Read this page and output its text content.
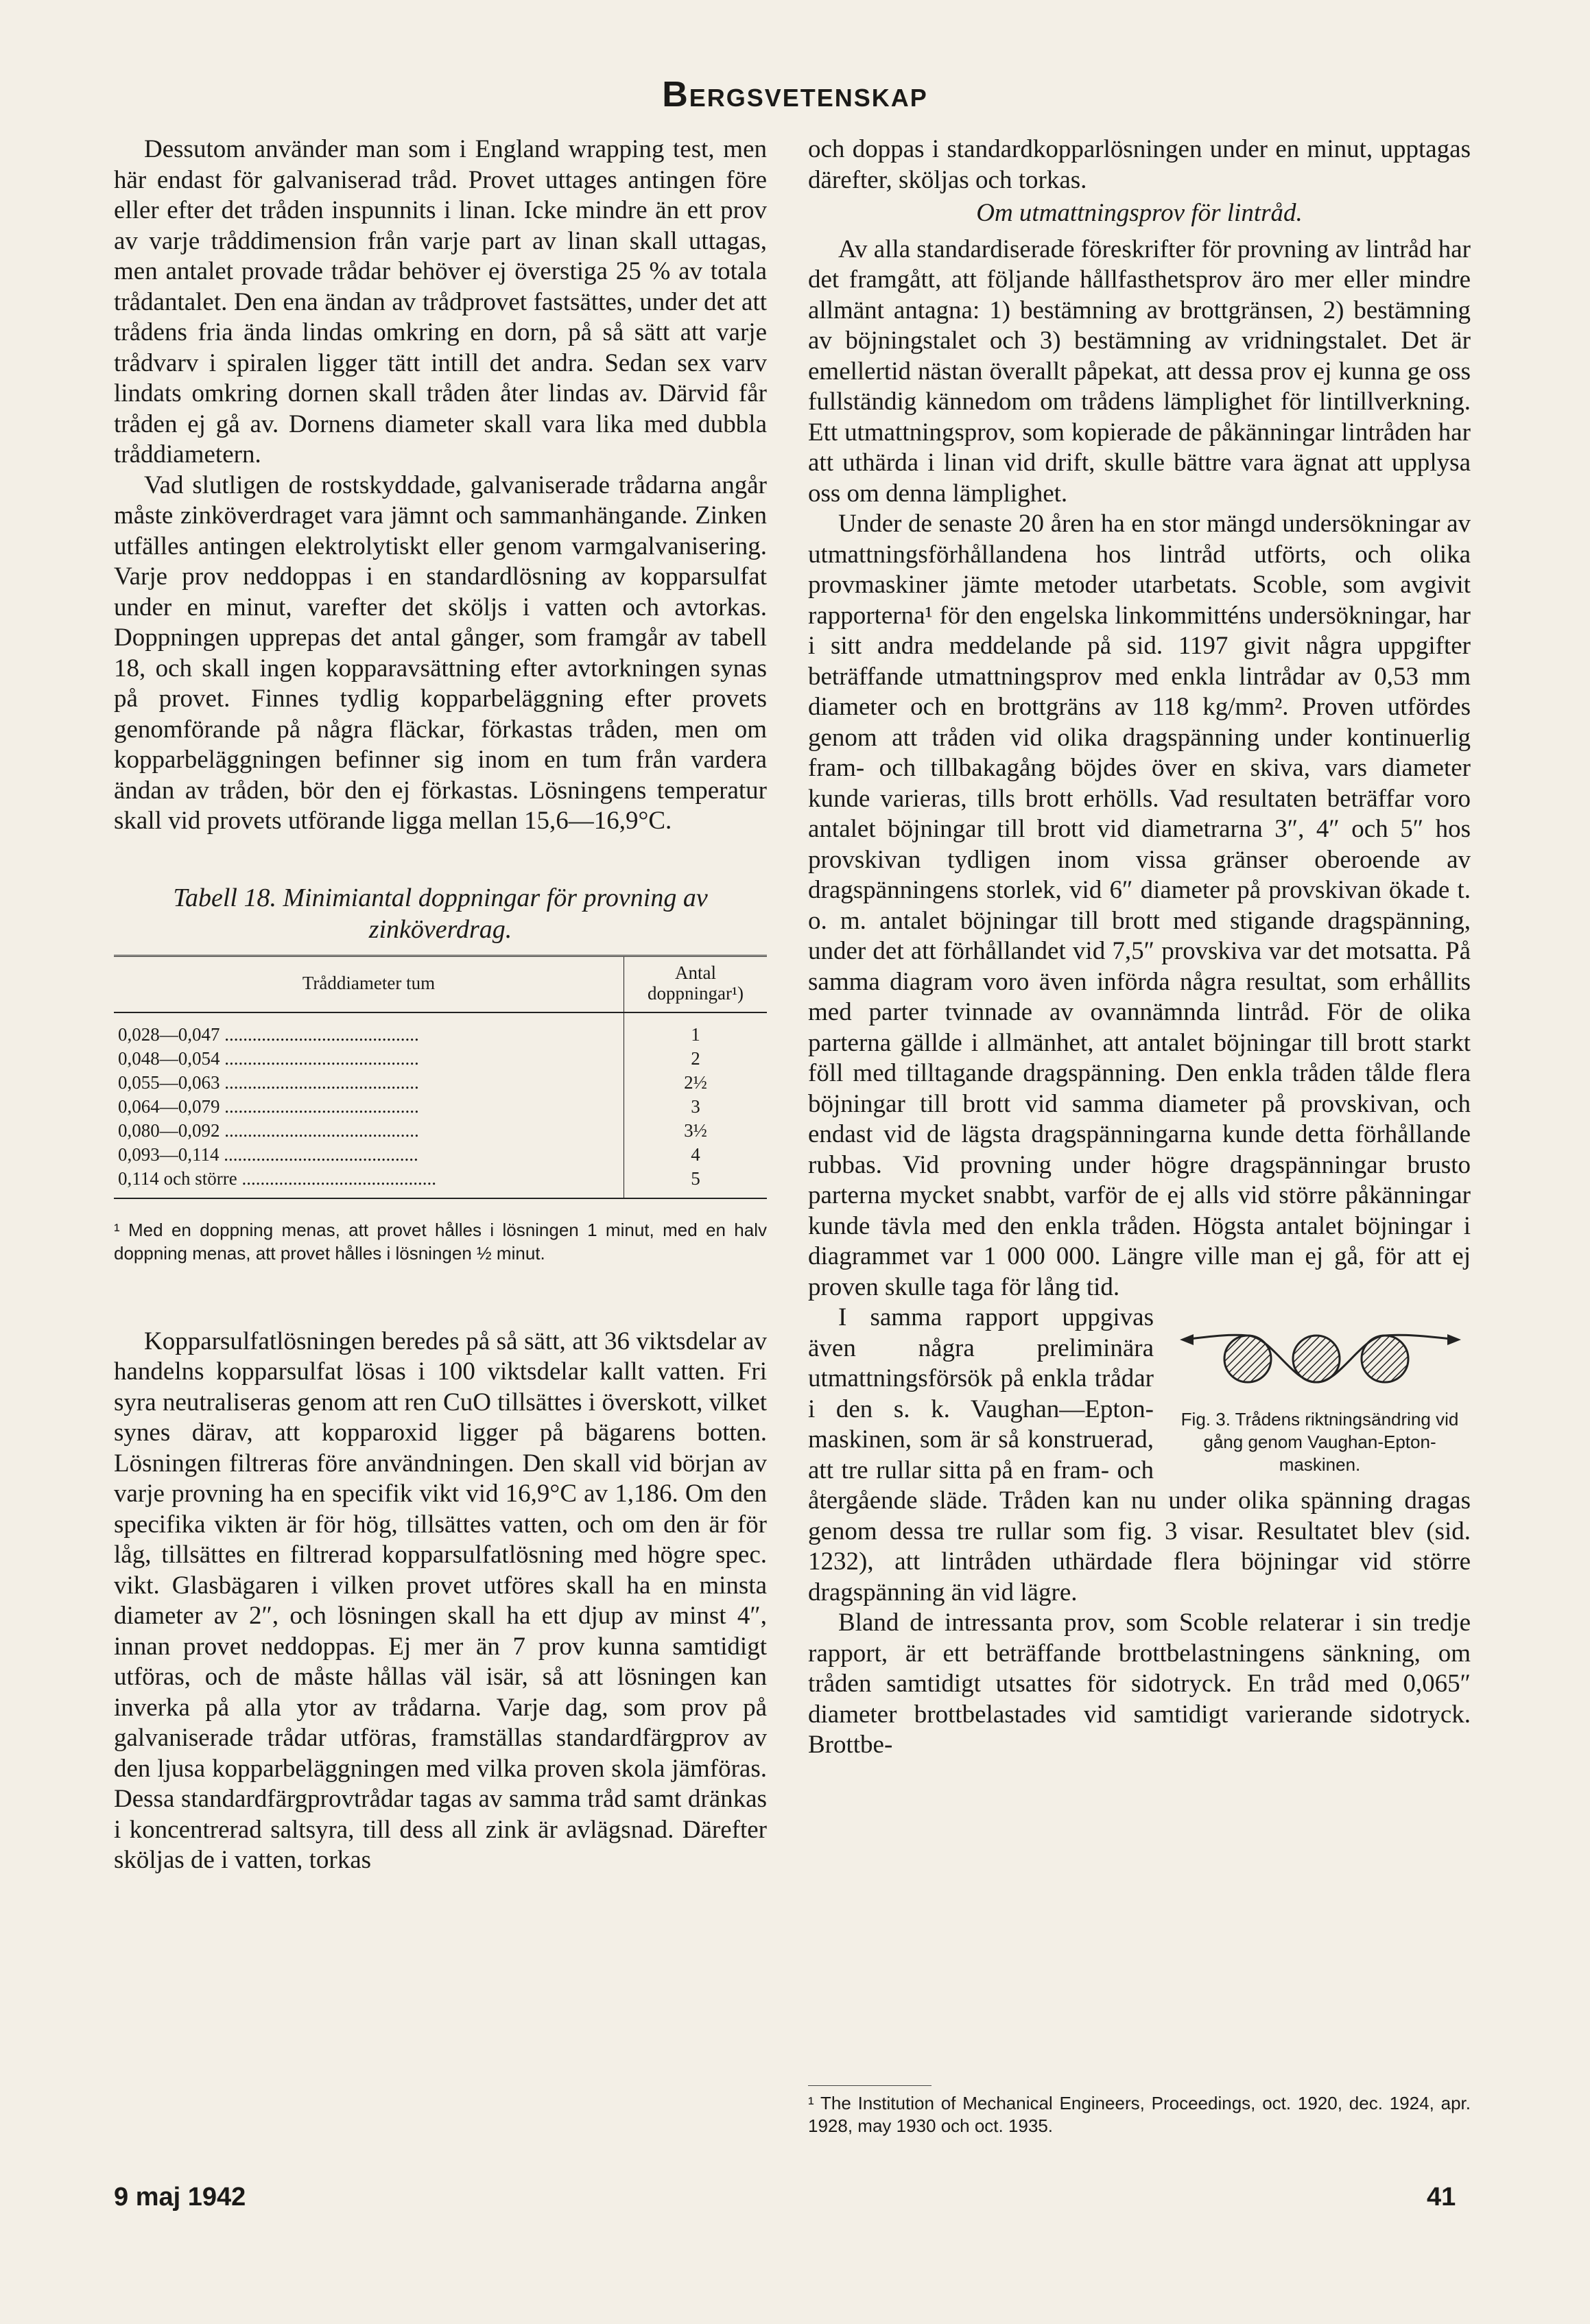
Bergsvetenskap

Dessutom använder man som i England wrapping test, men här endast för galvaniserad tråd. Provet uttages antingen före eller efter det tråden inspunnits i linan. Icke mindre än ett prov av varje tråddimension från varje part av linan skall uttagas, men antalet provade trådar behöver ej överstiga 25 % av totala trådantalet. Den ena ändan av trådprovet fastsättes, under det att trådens fria ända lindas omkring en dorn, på så sätt att varje trådvarv i spiralen ligger tätt intill det andra. Sedan sex varv lindats omkring dornen skall tråden åter lindas av. Därvid får tråden ej gå av. Dornens diameter skall vara lika med dubbla tråddiametern.

Vad slutligen de rostskyddade, galvaniserade trådarna angår måste zinköverdraget vara jämnt och sammanhängande. Zinken utfälles antingen elektrolytiskt eller genom varmgalvanisering. Varje prov neddoppas i en standardlösning av kopparsulfat under en minut, varefter det sköljs i vatten och avtorkas. Doppningen upprepas det antal gånger, som framgår av tabell 18, och skall ingen kopparavsättning efter avtorkningen synas på provet. Finnes tydlig kopparbeläggning efter provets genomförande på några fläckar, förkastas tråden, men om kopparbeläggningen befinner sig inom en tum från vardera ändan av tråden, bör den ej förkastas. Lösningens temperatur skall vid provets utförande ligga mellan 15,6—16,9°C.

Tabell 18. Minimiantal doppningar för provning av zinköverdrag.
Tråddiameter tum	Antal doppningar¹)
0,028—0,047 ..........................................	1
0,048—0,054 ..........................................	2
0,055—0,063 ..........................................	2½
0,064—0,079 ..........................................	3
0,080—0,092 ..........................................	3½
0,093—0,114 ..........................................	4
0,114 och större ..........................................	5
¹ Med en doppning menas, att provet hålles i lösningen 1 minut, med en halv doppning menas, att provet hålles i lösningen ½ minut.

Kopparsulfatlösningen beredes på så sätt, att 36 viktsdelar av handelns kopparsulfat lösas i 100 viktsdelar kallt vatten. Fri syra neutraliseras genom att ren CuO tillsättes i överskott, vilket synes därav, att kopparoxid ligger på bägarens botten. Lösningen filtreras före användningen. Den skall vid början av varje provning ha en specifik vikt vid 16,9°C av 1,186. Om den specifika vikten är för hög, tillsättes vatten, och om den är för låg, tillsättes en filtrerad kopparsulfatlösning med högre spec. vikt. Glasbägaren i vilken provet utföres skall ha en minsta diameter av 2″, och lösningen skall ha ett djup av minst 4″, innan provet neddoppas. Ej mer än 7 prov kunna samtidigt utföras, och de måste hållas väl isär, så att lösningen kan inverka på alla ytor av trådarna. Varje dag, som prov på galvaniserade trådar utföras, framställas standardfärgprov av den ljusa kopparbeläggningen med vilka proven skola jämföras. Dessa standardfärgprovtrådar tagas av samma tråd samt dränkas i koncentrerad saltsyra, till dess all zink är avlägsnad. Därefter sköljas de i vatten, torkas

och doppas i standardkopparlösningen under en minut, upptagas därefter, sköljas och torkas.

Om utmattningsprov för lintråd.

Av alla standardiserade föreskrifter för provning av lintråd har det framgått, att följande hållfasthetsprov äro mer eller mindre allmänt antagna: 1) bestämning av brottgränsen, 2) bestämning av böjningstalet och 3) bestämning av vridningstalet. Det är emellertid nästan överallt påpekat, att dessa prov ej kunna ge oss fullständig kännedom om trådens lämplighet för lintillverkning. Ett utmattningsprov, som kopierade de påkänningar lintråden har att uthärda i linan vid drift, skulle bättre vara ägnat att upplysa oss om denna lämplighet.

Under de senaste 20 åren ha en stor mängd undersökningar av utmattningsförhållandena hos lintråd utförts, och olika provmaskiner jämte metoder utarbetats. Scoble, som avgivit rapporterna¹ för den engelska linkommitténs undersökningar, har i sitt andra meddelande på sid. 1197 givit några uppgifter beträffande utmattningsprov med enkla lintrådar av 0,53 mm diameter och en brottgräns av 118 kg/mm². Proven utfördes genom att tråden vid olika dragspänning under kontinuerlig fram- och tillbakagång böjdes över en skiva, vars diameter kunde varieras, tills brott erhölls. Vad resultaten beträffar voro antalet böjningar till brott vid diametrarna 3″, 4″ och 5″ hos provskivan tydligen inom vissa gränser oberoende av dragspänningens storlek, vid 6″ diameter på provskivan ökade t. o. m. antalet böjningar till brott med stigande dragspänning, under det att förhållandet vid 7,5″ provskiva var det motsatta. På samma diagram voro även införda några resultat, som erhållits med parter tvinnade av ovannämnda lintråd. För de olika parterna gällde i allmänhet, att antalet böjningar till brott starkt föll med tilltagande dragspänning. Den enkla tråden tålde flera böjningar till brott vid samma diameter på provskivan, och endast vid de lägsta dragspänningarna kunde detta förhållande rubbas. Vid provning under högre dragspänningar brusto parterna mycket snabbt, varför de ej alls vid större påkänningar kunde tävla med den enkla tråden. Högsta antalet böjningar i diagrammet var 1 000 000. Längre ville man ej gå, för att ej proven skulle taga för lång tid.

Fig. 3. Trådens riktningsändring vid gång genom Vaughan-Epton-maskinen.

I samma rapport uppgivas även några preliminära utmattningsförsök på enkla trådar i den s. k. Vaughan—Epton-maskinen, som är så konstruerad, att tre rullar sitta på en fram- och återgående släde. Tråden kan nu under olika spänning dragas genom dessa tre rullar som fig. 3 visar. Resultatet blev (sid. 1232), att lintråden uthärdade flera böjningar vid större dragspänning än vid lägre.

Bland de intressanta prov, som Scoble relaterar i sin tredje rapport, är ett beträffande brottbelastningens sänkning, om tråden samtidigt utsattes för sidotryck. En tråd med 0,065″ diameter brottbelastades vid samtidigt varierande sidotryck. Brottbe-

¹ The Institution of Mechanical Engineers, Proceedings, oct. 1920, dec. 1924, apr. 1928, may 1930 och oct. 1935.
9 maj 1942	41
